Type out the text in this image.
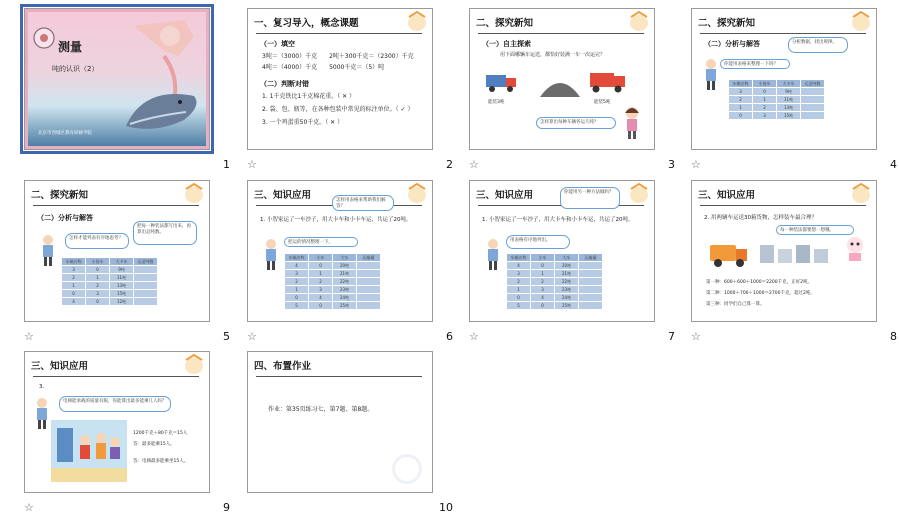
测量
吨的认识（2）
北京市西城区教育研修学院
1
一、复习导入，概念课题
（一）填空
3吨＝（3000）千克　　2吨＋300千克＝（2300）千克
4吨＝（4000）千克　　5000千克＝（5）吨
（二）判断对错
1. 1千克铁比1千克棉花重。（ ✕ ）
2. 袋、包、瓶等，在各种包装中常见的标注单位。（ ✓ ）
3. 一个鸡蛋重50千克。（ ✕ ）
☆	2
二、探究新知
（一）自主探索
用下面哪辆车运送，都恰好装满一车一次运完？
能装3吨	能装5吨
怎样算出每种车辆各运几吨？
☆	3
二、探究新知
（二）分析与解答	分析数据，找出规律。
你能用表格来整理一下吗？
车辆名称	小货车	大卡车	运送吨数
3	0	9吨	
2	1	11吨	
1	2	13吨	
0	3	15吨	
☆	4
二、探究新知
（二）分析与解答
把每一种装法都写出来，再算出总吨数。
怎样才能列表有序地思考？
车辆名称	小货车	大卡车	运送吨数
3	0	9吨	
2	1	11吨	
1	2	13吨	
0	3	15吨	
4	0	12吨	
☆	5
三、知识应用	怎样用表格来帮助我们解答？
1. 小智家运了一车沙子，用大卡车和小卡车运，共运了20吨。
把运的情况整理一下。
车辆名称	小车	大车	运输量
4	0	20吨	
3	1	21吨	
2	2	22吨	
1	3	23吨	
0	4	24吨	
5	0	25吨	
☆	6
三、知识应用	你能用另一种方法做吗？
1. 小智家运了一车沙子，用大卡车和小卡车运，共运了20吨。
用表格有序地列出。
车辆名称	小车	大车	运输量
4	0	20吨	
3	1	21吨	
2	2	22吨	
1	3	23吨	
0	4	24吨	
5	0	25吨	
☆	7
三、知识应用
2. 用两辆车运送30箱货物，怎样装车最合理？
每一种装法都要想一想哦。
第一种：600＋600＋1000＝2200千克，正好2吨。
第二种：1000＋700＋1000＝2700千克，超过2吨。
第三种：同学们自己算一算。
☆	8
三、知识应用
3.
电梯能承载的质量有限，你能算出最多能乘几人吗？
1200千克＋80千克＝15人
答：最多能乘15人。
答：电梯最多能乘坐15人。
☆	9
四、布置作业
作业：第35页练习七，第7题、第8题。
10
